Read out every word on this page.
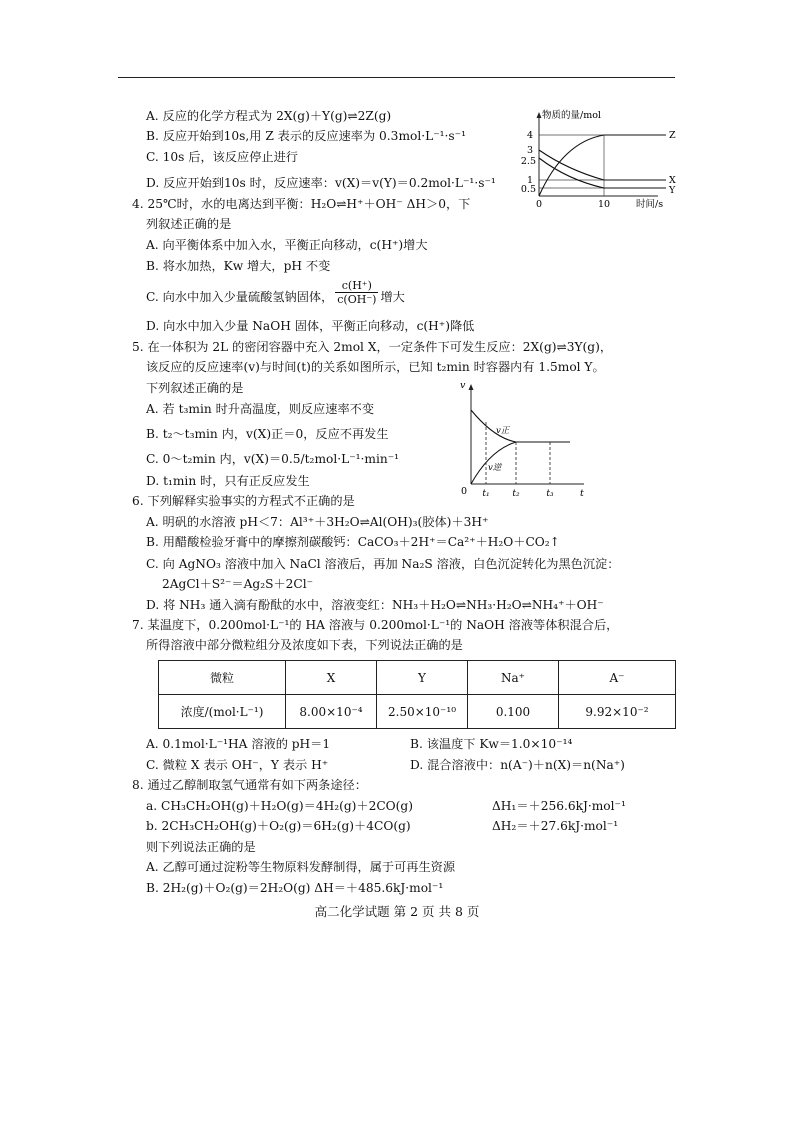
A. 反应的化学方程式为 2X(g)＋Y(g)⇌2Z(g)
B. 反应开始到10s,用 Z 表示的反应速率为 0.3mol·L⁻¹·s⁻¹
C. 10s 后，该反应停止进行
D. 反应开始到10s 时，反应速率：v(X)＝v(Y)＝0.2mol·L⁻¹·s⁻¹
物质的量/mol
4
3
2.5
1
0.5
0	10	时间/s
Z
X
Y
4. 25℃时，水的电离达到平衡：H₂O⇌H⁺＋OH⁻ ΔH＞0，下
列叙述正确的是
A. 向平衡体系中加入水，平衡正向移动，c(H⁺)增大
B. 将水加热，Kw 增大，pH 不变
C. 向水中加入少量硫酸氢钠固体， $\frac{c(H^+)}{c(OH^-)}$ 增大
D. 向水中加入少量 NaOH 固体，平衡正向移动，c(H⁺)降低
5. 在一体积为 2L 的密闭容器中充入 2mol X，一定条件下可发生反应：2X(g)⇌3Y(g)，
该反应的反应速率(v)与时间(t)的关系如图所示，已知 t₂min 时容器内有 1.5mol Y。
下列叙述正确的是
A. 若 t₃min 时升高温度，则反应速率不变
B. t₂～t₃min 内，v(X)正＝0，反应不再发生
C. 0～t₂min 内，v(X)＝0.5/t₂mol·L⁻¹·min⁻¹
D. t₁min 时，只有正反应发生
v
v正
v逆
0 t₁	t₂	t₃	t
6. 下列解释实验事实的方程式不正确的是
A. 明矾的水溶液 pH＜7：Al³⁺＋3H₂O⇌Al(OH)₃(胶体)＋3H⁺
B. 用醋酸检验牙膏中的摩擦剂碳酸钙：CaCO₃＋2H⁺＝Ca²⁺＋H₂O＋CO₂↑
C. 向 AgNO₃ 溶液中加入 NaCl 溶液后，再加 Na₂S 溶液，白色沉淀转化为黑色沉淀：
2AgCl＋S²⁻＝Ag₂S＋2Cl⁻
D. 将 NH₃ 通入滴有酚酞的水中，溶液变红：NH₃＋H₂O⇌NH₃·H₂O⇌NH₄⁺＋OH⁻
7. 某温度下，0.200mol·L⁻¹的 HA 溶液与 0.200mol·L⁻¹的 NaOH 溶液等体积混合后，
所得溶液中部分微粒组分及浓度如下表，下列说法正确的是
微粒	X	Y	Na⁺	A⁻
浓度/(mol·L⁻¹)	8.00×10⁻⁴	2.50×10⁻¹⁰	0.100	9.92×10⁻²
A. 0.1mol·L⁻¹HA 溶液的 pH＝1	B. 该温度下 Kw＝1.0×10⁻¹⁴
C. 微粒 X 表示 OH⁻，Y 表示 H⁺	D. 混合溶液中：n(A⁻)＋n(X)＝n(Na⁺)
8. 通过乙醇制取氢气通常有如下两条途径：
a. CH₃CH₂OH(g)＋H₂O(g)＝4H₂(g)＋2CO(g)	ΔH₁＝＋256.6kJ·mol⁻¹
b. 2CH₃CH₂OH(g)＋O₂(g)＝6H₂(g)＋4CO(g)	ΔH₂＝＋27.6kJ·mol⁻¹
则下列说法正确的是
A. 乙醇可通过淀粉等生物原料发酵制得，属于可再生资源
B. 2H₂(g)＋O₂(g)＝2H₂O(g) ΔH＝＋485.6kJ·mol⁻¹
高二化学试题 第 2 页 共 8 页
